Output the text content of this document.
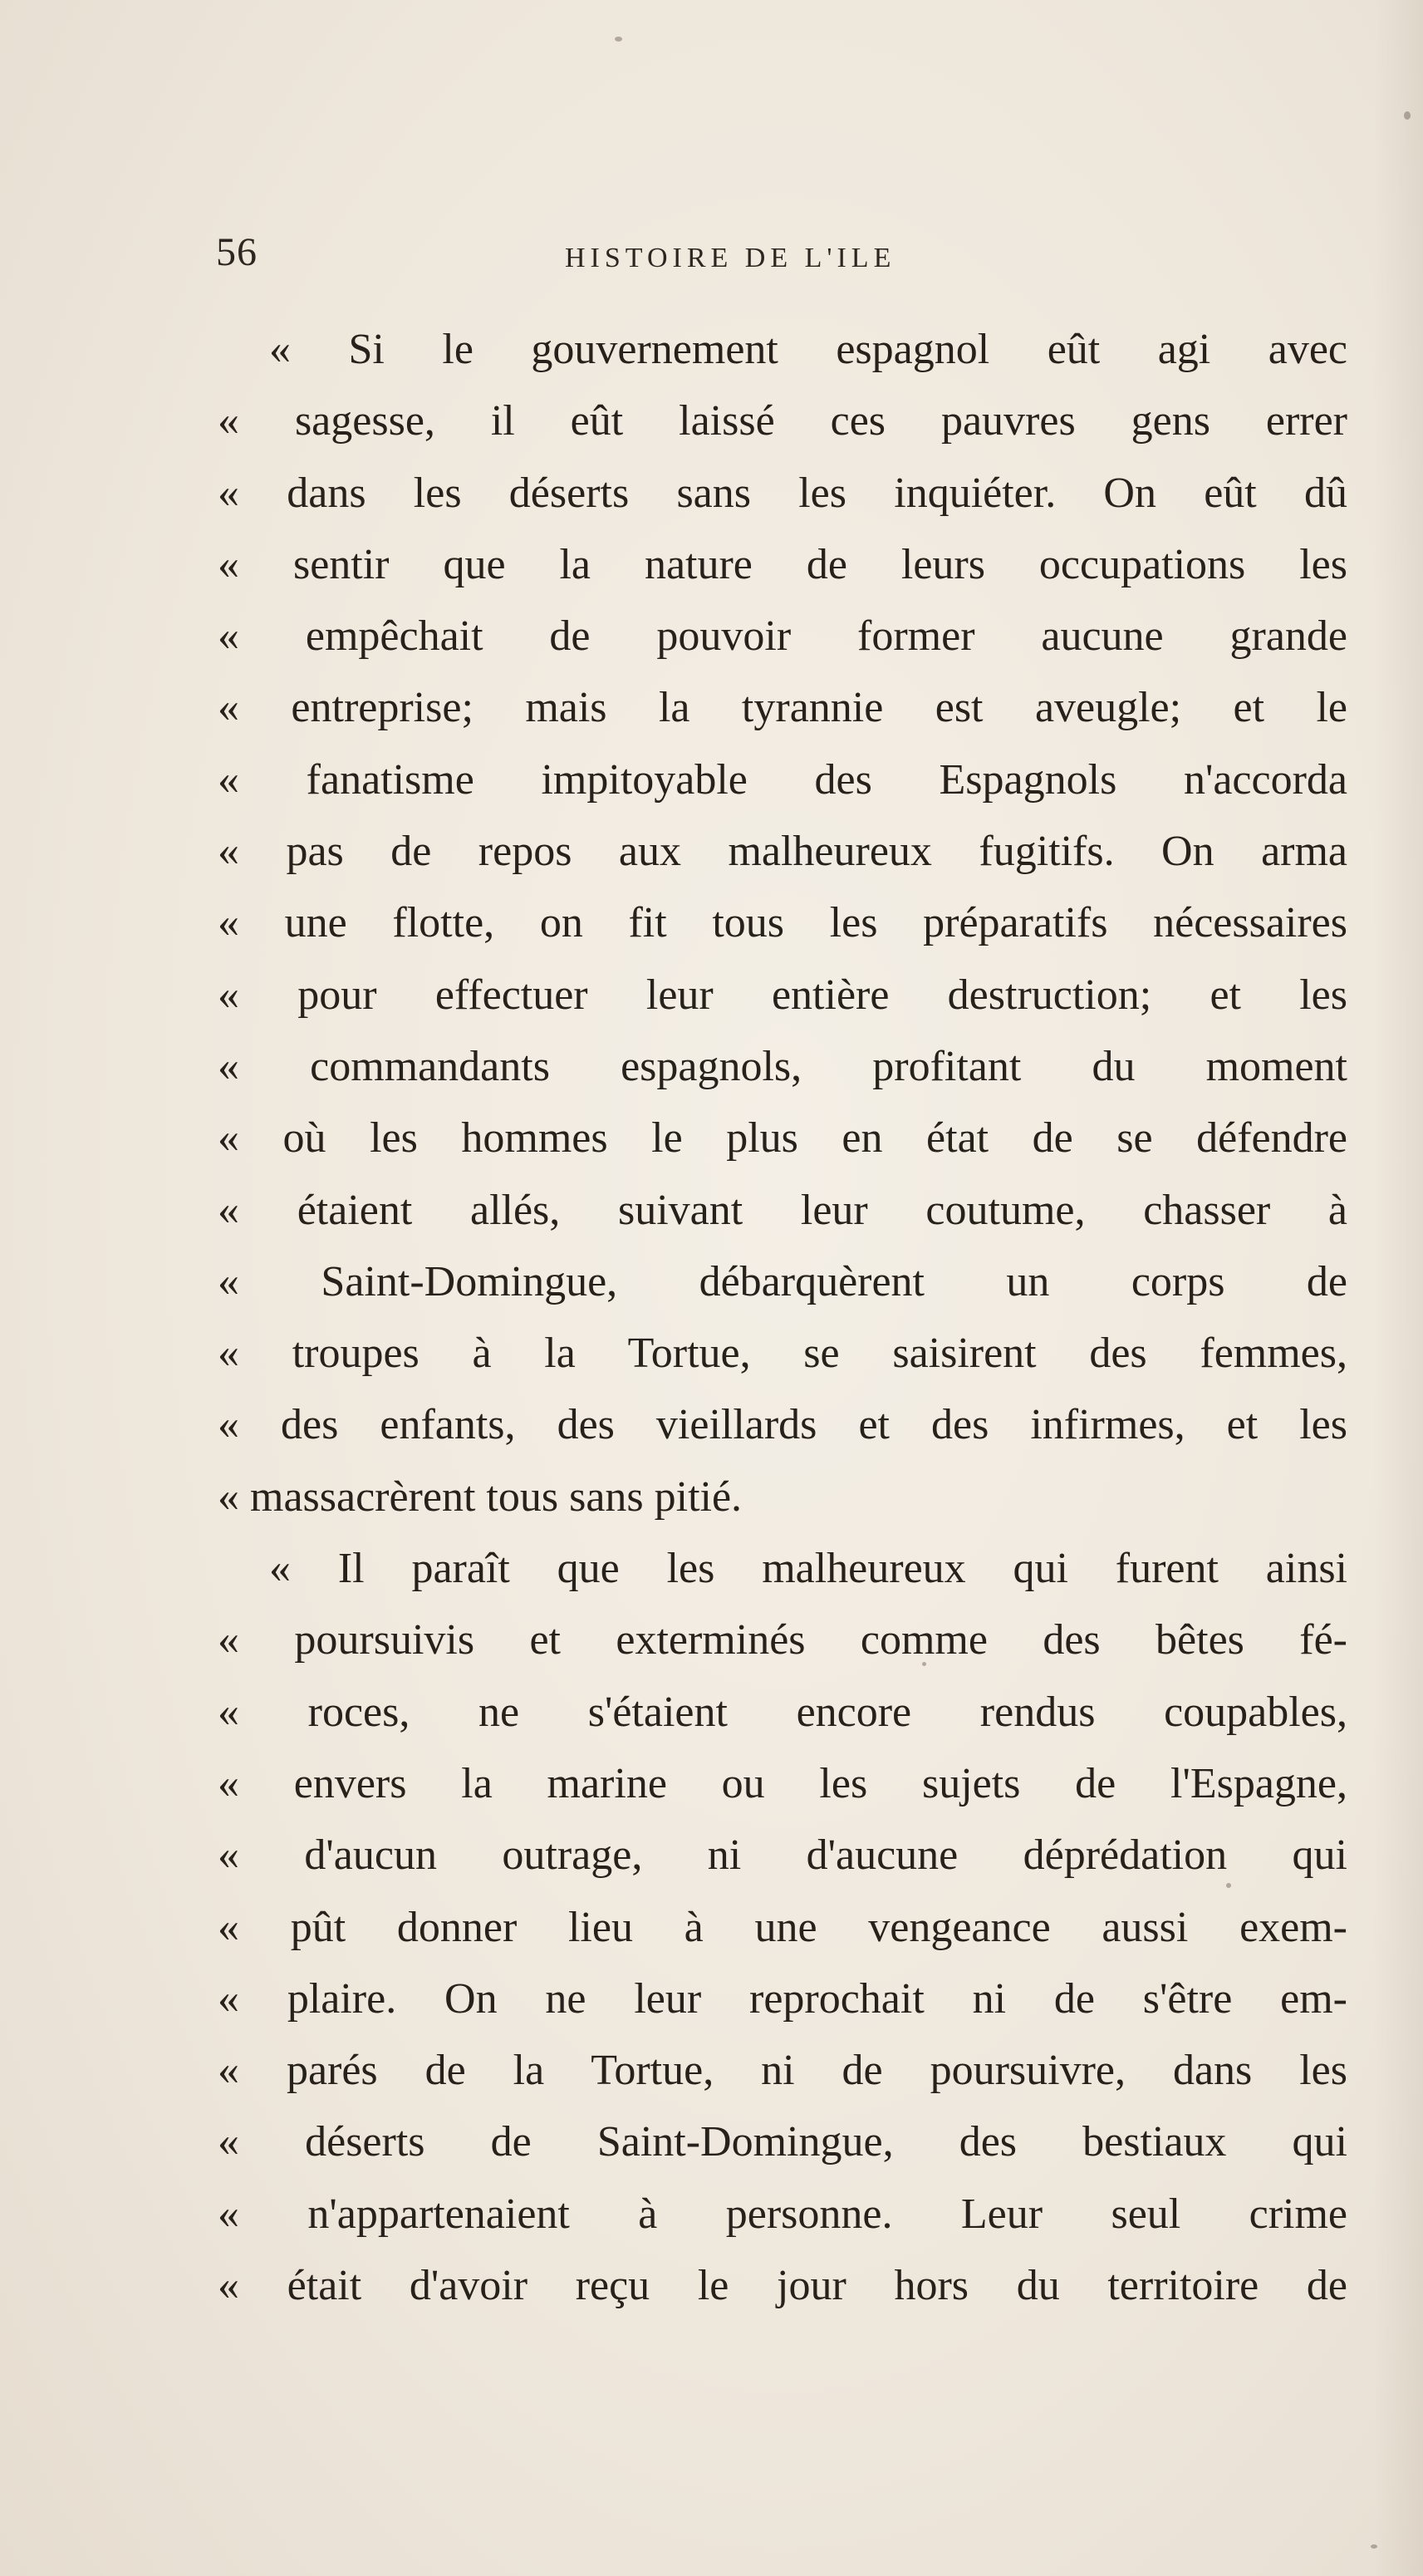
56	HISTOIRE DE L'ILE
« Si le gouvernement espagnol eût agi avec
« sagesse, il eût laissé ces pauvres gens errer
« dans les déserts sans les inquiéter. On eût dû
« sentir que la nature de leurs occupations les
« empêchait de pouvoir former aucune grande
« entreprise; mais la tyrannie est aveugle; et le
« fanatisme impitoyable des Espagnols n'accorda
« pas de repos aux malheureux fugitifs. On arma
« une flotte, on fit tous les préparatifs nécessaires
« pour effectuer leur entière destruction; et les
« commandants espagnols, profitant du moment
« où les hommes le plus en état de se défendre
« étaient allés, suivant leur coutume, chasser à
« Saint-Domingue, débarquèrent un corps de
« troupes à la Tortue, se saisirent des femmes,
« des enfants, des vieillards et des infirmes, et les
« massacrèrent tous sans pitié.
« Il paraît que les malheureux qui furent ainsi
« poursuivis et exterminés comme des bêtes fé-
« roces, ne s'étaient encore rendus coupables,
« envers la marine ou les sujets de l'Espagne,
« d'aucun outrage, ni d'aucune déprédation qui
« pût donner lieu à une vengeance aussi exem-
« plaire. On ne leur reprochait ni de s'être em-
« parés de la Tortue, ni de poursuivre, dans les
« déserts de Saint-Domingue, des bestiaux qui
« n'appartenaient à personne. Leur seul crime
« était d'avoir reçu le jour hors du territoire de
